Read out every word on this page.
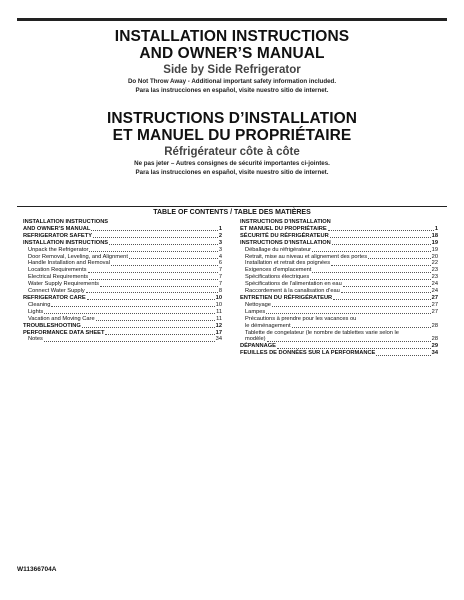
INSTALLATION INSTRUCTIONS
AND OWNER’S MANUAL
Side by Side Refrigerator
Do Not Throw Away - Additional important safety information included.
Para las instrucciones en español, visite nuestro sitio de internet.
INSTRUCTIONS D’INSTALLATION
ET MANUEL DU PROPRIÉTAIRE
Réfrigérateur côte à côte
Ne pas jeter – Autres consignes de sécurité importantes ci-jointes.
Para las instrucciones en español, visite nuestro sitio de internet.
TABLE OF CONTENTS / TABLE DES MATIÈRES
INSTALLATION INSTRUCTIONS
AND OWNER’S MANUAL	1
REFRIGERATOR SAFETY	2
INSTALLATION INSTRUCTIONS	3
Unpack the Refrigerator	3
Door Removal, Leveling, and Alignment	4
Handle Installation and Removal	6
Location Requirements	7
Electrical Requirements	7
Water Supply Requirements	7
Connect Water Supply	8
REFRIGERATOR CARE	10
Cleaning	10
Lights	11
Vacation and Moving Care	11
TROUBLESHOOTING	12
PERFORMANCE DATA SHEET	17
Notes	34
INSTRUCTIONS D’INSTALLATION
ET MANUEL DU PROPRIÉTAIRE	1
SÉCURITÉ DU RÉFRIGÉRATEUR	18
INSTRUCTIONS D’INSTALLATION	19
Déballage du réfrigérateur	19
Retrait, mise au niveau et alignement des portes	20
Installation et retrait des poignées	22
Exigences d’emplacement	23
Spécifications électriques	23
Spécifications de l’alimentation en eau	24
Raccordement à la canalisation d’eau	24
ENTRETIEN DU RÉFRIGÉRATEUR	27
Nettoyage	27
Lampes	27
Précautions à prendre pour les vacances ou
le déménagement	28
Tablette de congelateur (le nombre de tablettes varie selon le
modèle)	28
DÉPANNAGE	29
FEUILLES DE DONNÉES SUR LA PERFORMANCE	34
W11366704A
